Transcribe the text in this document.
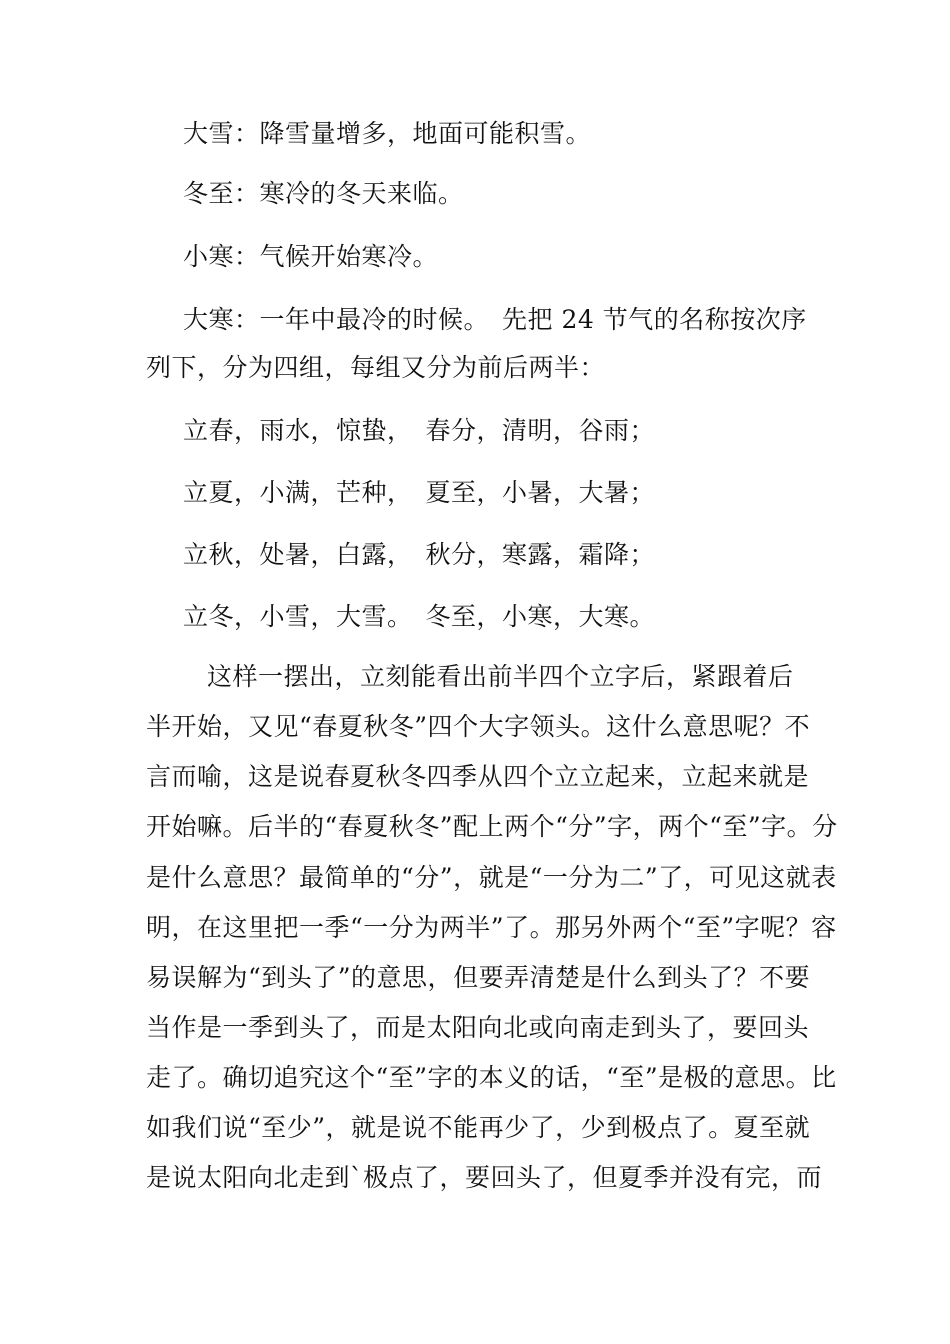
大雪：降雪量增多，地面可能积雪。
冬至：寒冷的冬天来临。
小寒：气候开始寒冷。
大寒：一年中最冷的时候。　先把 24 节气的名称按次序
列下，分为四组，每组又分为前后两半：
立春，雨水，惊蛰，　春分，清明，谷雨；
立夏，小满，芒种，　夏至，小暑，大暑；
立秋，处暑，白露，　秋分，寒露，霜降；
立冬，小雪，大雪。　冬至，小寒，大寒。
这样一摆出，立刻能看出前半四个立字后，紧跟着后
半开始，又见“春夏秋冬”四个大字领头。这什么意思呢？不
言而喻，这是说春夏秋冬四季从四个立立起来，立起来就是
开始嘛。后半的“春夏秋冬”配上两个“分”字，两个“至”字。分
是什么意思？最简单的“分”，就是“一分为二”了，可见这就表
明，在这里把一季“一分为两半”了。那另外两个“至”字呢？容
易误解为“到头了”的意思，但要弄清楚是什么到头了？不要
当作是一季到头了，而是太阳向北或向南走到头了，要回头
走了。确切追究这个“至”字的本义的话，“至”是极的意思。比
如我们说“至少”，就是说不能再少了，少到极点了。夏至就
是说太阳向北走到`极点了，要回头了，但夏季并没有完，而
